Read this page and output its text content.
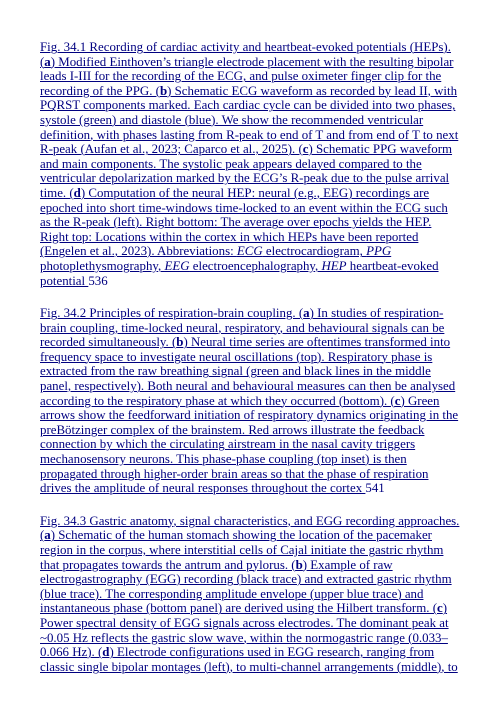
Fig. 34.1 Recording of cardiac activity and heartbeat-evoked potentials (HEPs). (a) Modified Einthoven’s triangle electrode placement with the resulting bipolar leads I-III for the recording of the ECG, and pulse oximeter finger clip for the recording of the PPG. (b) Schematic ECG waveform as recorded by lead II, with PQRST components marked. Each cardiac cycle can be divided into two phases, systole (green) and diastole (blue). We show the recommended ventricular definition, with phases lasting from R-peak to end of T and from end of T to next R-peak (Aufan et al., 2023; Caparco et al., 2025). (c) Schematic PPG waveform and main components. The systolic peak appears delayed compared to the ventricular depolarization marked by the ECG’s R-peak due to the pulse arrival time. (d) Computation of the neural HEP: neural (e.g., EEG) recordings are epoched into short time-windows time-locked to an event within the ECG such as the R-peak (left). Right bottom: The average over epochs yields the HEP. Right top: Locations within the cortex in which HEPs have been reported (Engelen et al., 2023). Abbreviations: ECG electrocardiogram, PPG photoplethysmography, EEG electroencephalography, HEP heartbeat-evoked potential 536

Fig. 34.2 Principles of respiration-brain coupling. (a) In studies of respiration-brain coupling, time-locked neural, respiratory, and behavioural signals can be recorded simultaneously. (b) Neural time series are oftentimes transformed into frequency space to investigate neural oscillations (top). Respiratory phase is extracted from the raw breathing signal (green and black lines in the middle panel, respectively). Both neural and behavioural measures can then be analysed according to the respiratory phase at which they occurred (bottom). (c) Green arrows show the feedforward initiation of respiratory dynamics originating in the preBötzinger complex of the brainstem. Red arrows illustrate the feedback connection by which the circulating airstream in the nasal cavity triggers mechanosensory neurons. This phase-phase coupling (top inset) is then propagated through higher-order brain areas so that the phase of respiration drives the amplitude of neural responses throughout the cortex 541

Fig. 34.3 Gastric anatomy, signal characteristics, and EGG recording approaches. (a) Schematic of the human stomach showing the location of the pacemaker region in the corpus, where interstitial cells of Cajal initiate the gastric rhythm that propagates towards the antrum and pylorus. (b) Example of raw electrogastrography (EGG) recording (black trace) and extracted gastric rhythm (blue trace). The corresponding amplitude envelope (upper blue trace) and instantaneous phase (bottom panel) are derived using the Hilbert transform. (c) Power spectral density of EGG signals across electrodes. The dominant peak at ~0.05 Hz reflects the gastric slow wave, within the normogastric range (0.033–0.066 Hz). (d) Electrode configurations used in EGG research, ranging from classic single bipolar montages (left), to multi-channel arrangements (middle), to
